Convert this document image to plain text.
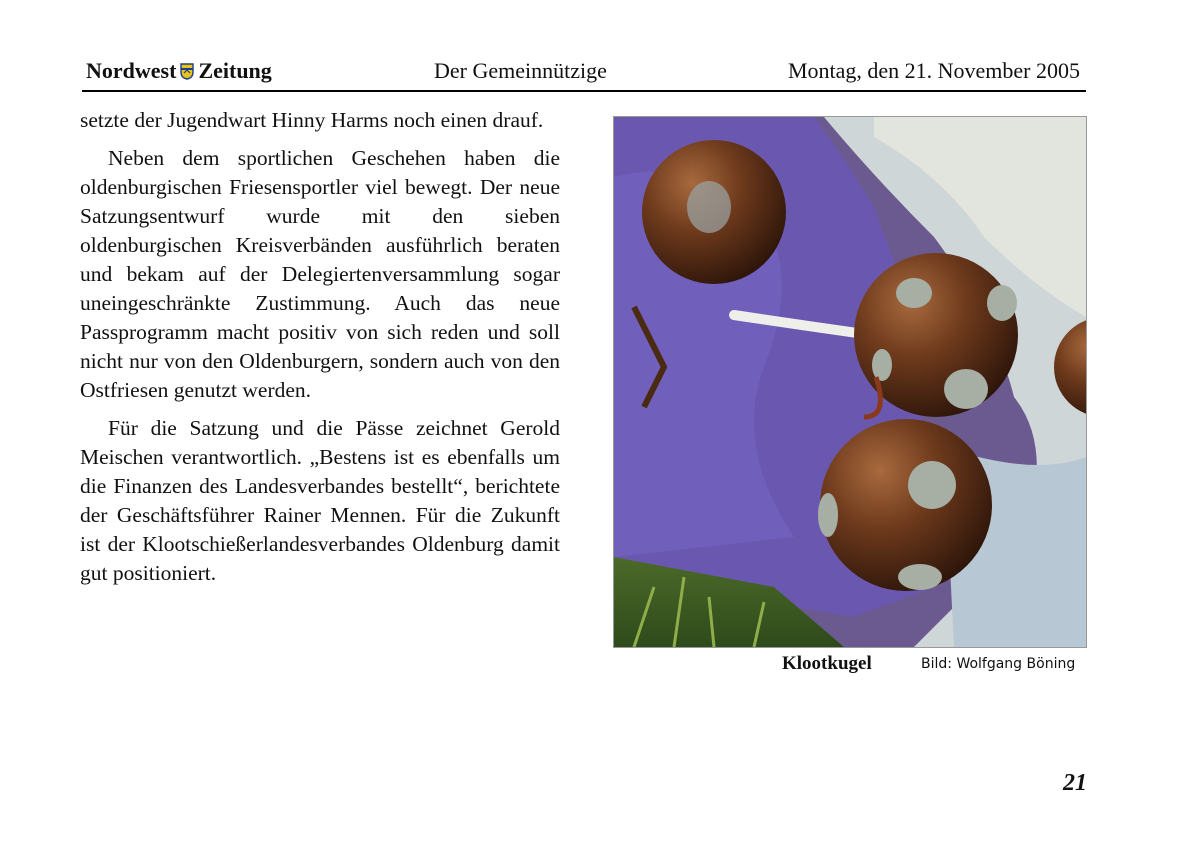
Nordwest Zeitung	Der Gemeinnützige	Montag, den 21. November 2005

setzte der Jugendwart Hinny Harms noch einen drauf.

Neben dem sportlichen Geschehen haben die oldenburgischen Friesensportler viel bewegt. Der neue Satzungsentwurf wurde mit den sieben oldenburgischen Kreisverbänden ausführlich beraten und bekam auf der Delegiertenversammlung sogar uneingeschränkte Zustimmung. Auch das neue Passprogramm macht positiv von sich reden und soll nicht nur von den Oldenburgern, sondern auch von den Ostfriesen genutzt werden.

Für die Satzung und die Pässe zeichnet Gerold Meischen verantwortlich. „Bestens ist es ebenfalls um die Finanzen des Landesverbandes bestellt“, berichtete der Geschäftsführer Rainer Mennen. Für die Zukunft ist der Klootschießerlandesverbandes Oldenburg damit gut positioniert.

Klootkugel	Bild: Wolfgang Böning
21
